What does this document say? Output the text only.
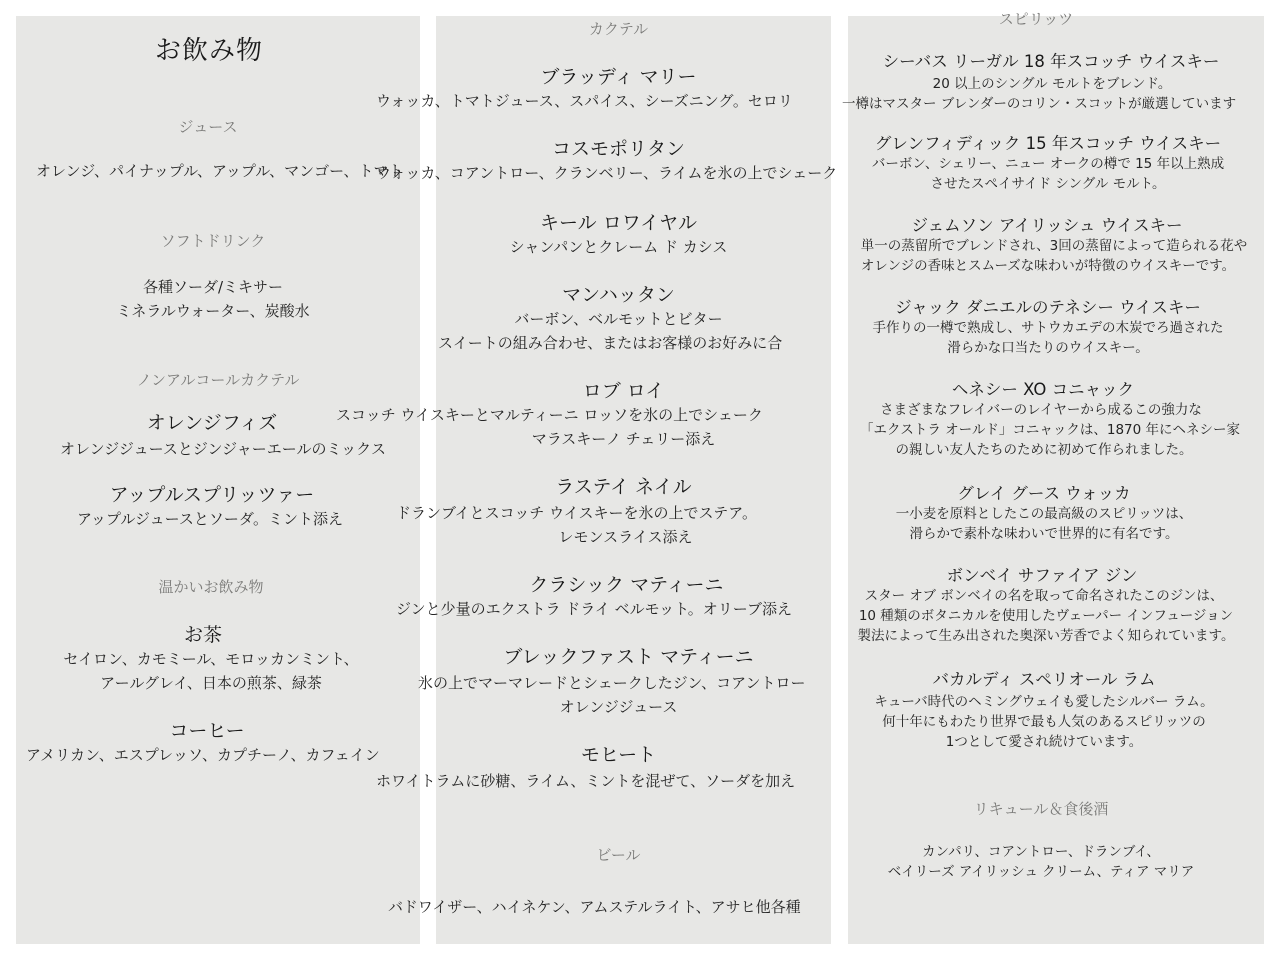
お飲み物
ジュース
オレンジ、パイナップル、アップル、マンゴー、トマト
ソフトドリンク
各種ソーダ/ミキサー
ミネラルウォーター、炭酸水
ノンアルコールカクテル
オレンジフィズ
オレンジジュースとジンジャーエールのミックス
アップルスプリッツァー
アップルジュースとソーダ。ミント添え
温かいお飲み物
お茶
セイロン、カモミール、モロッカンミント、
アールグレイ、日本の煎茶、緑茶
コーヒー
アメリカン、エスプレッソ、カプチーノ、カフェイン
カクテル
ブラッディ マリー
ウォッカ、トマトジュース、スパイス、シーズニング。セロリ
コスモポリタン
ウォッカ、コアントロー、クランベリー、ライムを氷の上でシェーク
キール ロワイヤル
シャンパンとクレーム ド カシス
マンハッタン
バーボン、ベルモットとビター
スイートの組み合わせ、またはお客様のお好みに合
ロブ ロイ
スコッチ ウイスキーとマルティーニ ロッソを氷の上でシェーク
マラスキーノ チェリー添え
ラステイ ネイル
ドランブイとスコッチ ウイスキーを氷の上でステア。
レモンスライス添え
クラシック マティーニ
ジンと少量のエクストラ ドライ ベルモット。オリーブ添え
ブレックファスト マティーニ
氷の上でマーマレードとシェークしたジン、コアントロー
オレンジジュース
モヒート
ホワイトラムに砂糖、ライム、ミントを混ぜて、ソーダを加え
ビール
バドワイザー、ハイネケン、アムステルライト、アサヒ他各種
スピリッツ
シーバス リーガル 18 年スコッチ ウイスキー
20 以上のシングル モルトをブレンド。
一樽はマスター ブレンダーのコリン・スコットが厳選しています
グレンフィディック 15 年スコッチ ウイスキー
バーボン、シェリー、ニュー オークの樽で 15 年以上熟成
させたスペイサイド シングル モルト。
ジェムソン アイリッシュ ウイスキー
単一の蒸留所でブレンドされ、3回の蒸留によって造られる花や
オレンジの香味とスムーズな味わいが特徴のウイスキーです。
ジャック ダニエルのテネシー ウイスキー
手作りの一樽で熟成し、サトウカエデの木炭でろ過された
滑らかな口当たりのウイスキー。
ヘネシー XO コニャック
さまざまなフレイバーのレイヤーから成るこの強力な
「エクストラ オールド」コニャックは、1870 年にヘネシー家
の親しい友人たちのために初めて作られました。
グレイ グース ウォッカ
一小麦を原料としたこの最高級のスピリッツは、
滑らかで素朴な味わいで世界的に有名です。
ボンベイ サファイア ジン
スター オブ ボンベイの名を取って命名されたこのジンは、
10 種類のボタニカルを使用したヴェーパー インフュージョン
製法によって生み出された奥深い芳香でよく知られています。
バカルディ スペリオール ラム
キューバ時代のヘミングウェイも愛したシルバー ラム。
何十年にもわたり世界で最も人気のあるスピリッツの
1つとして愛され続けています。
リキュール＆食後酒
カンパリ、コアントロー、ドランブイ、
ベイリーズ アイリッシュ クリーム、ティア マリア
